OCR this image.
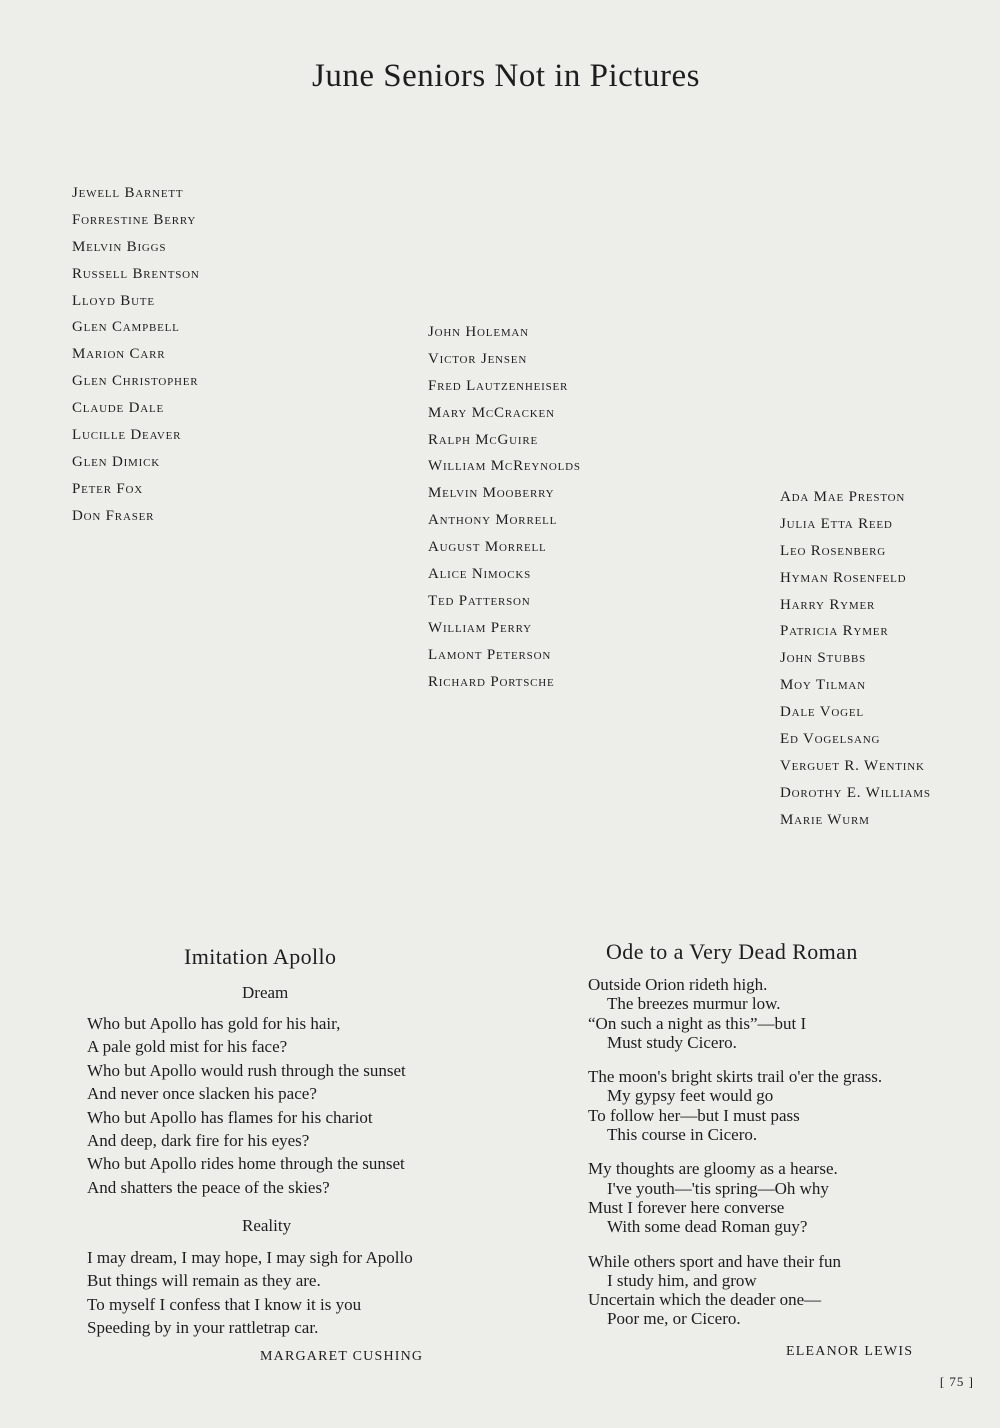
June Seniors Not in Pictures
Jewell Barnett
Forrestine Berry
Melvin Biggs
Russell Brentson
Lloyd Bute
Glen Campbell
Marion Carr
Glen Christopher
Claude Dale
Lucille Deaver
Glen Dimick
Peter Fox
Don Fraser
John Holeman
Victor Jensen
Fred Lautzenheiser
Mary McCracken
Ralph McGuire
William McReynolds
Melvin Mooberry
Anthony Morrell
August Morrell
Alice Nimocks
Ted Patterson
William Perry
Lamont Peterson
Richard Portsche
Ada Mae Preston
Julia Etta Reed
Leo Rosenberg
Hyman Rosenfeld
Harry Rymer
Patricia Rymer
John Stubbs
Moy Tilman
Dale Vogel
Ed Vogelsang
Verguet R. Wentink
Dorothy E. Williams
Marie Wurm
Imitation Apollo
Dream
Who but Apollo has gold for his hair,
A pale gold mist for his face?
Who but Apollo would rush through the sunset
And never once slacken his pace?
Who but Apollo has flames for his chariot
And deep, dark fire for his eyes?
Who but Apollo rides home through the sunset
And shatters the peace of the skies?
Reality
I may dream, I may hope, I may sigh for Apollo
But things will remain as they are.
To myself I confess that I know it is you
Speeding by in your rattletrap car.
MARGARET CUSHING
Ode to a Very Dead Roman
Outside Orion rideth high.
The breezes murmur low.
“On such a night as this”—but I
Must study Cicero.
The moon's bright skirts trail o'er the grass.
My gypsy feet would go
To follow her—but I must pass
This course in Cicero.
My thoughts are gloomy as a hearse.
I've youth—'tis spring—Oh why
Must I forever here converse
With some dead Roman guy?
While others sport and have their fun
I study him, and grow
Uncertain which the deader one—
Poor me, or Cicero.
ELEANOR LEWIS
[ 75 ]
